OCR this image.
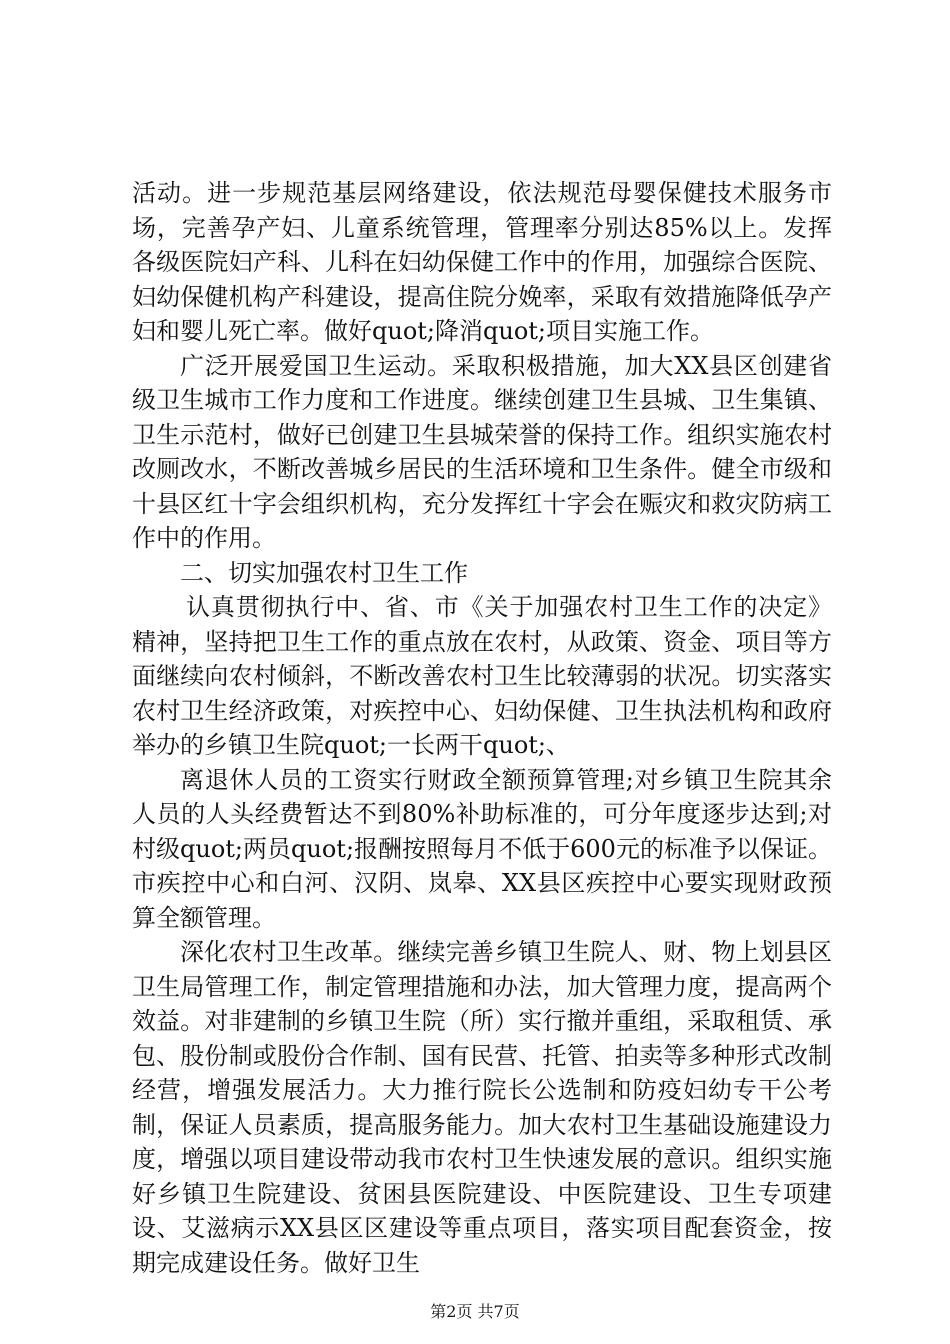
活动。进一步规范基层网络建设，依法规范母婴保健技术服务市场，完善孕产妇、儿童系统管理，管理率分别达85%以上。发挥各级医院妇产科、儿科在妇幼保健工作中的作用，加强综合医院、妇幼保健机构产科建设，提高住院分娩率，采取有效措施降低孕产妇和婴儿死亡率。做好quot;降消quot;项目实施工作。

广泛开展爱国卫生运动。采取积极措施，加大XX县区创建省级卫生城市工作力度和工作进度。继续创建卫生县城、卫生集镇、卫生示范村，做好已创建卫生县城荣誉的保持工作。组织实施农村改厕改水，不断改善城乡居民的生活环境和卫生条件。健全市级和十县区红十字会组织机构，充分发挥红十字会在赈灾和救灾防病工作中的作用。

二、切实加强农村卫生工作

认真贯彻执行中、省、市《关于加强农村卫生工作的决定》精神，坚持把卫生工作的重点放在农村，从政策、资金、项目等方面继续向农村倾斜，不断改善农村卫生比较薄弱的状况。切实落实农村卫生经济政策，对疾控中心、妇幼保健、卫生执法机构和政府举办的乡镇卫生院quot;一长两干quot;、

离退休人员的工资实行财政全额预算管理;对乡镇卫生院其余人员的人头经费暂达不到80%补助标准的，可分年度逐步达到;对村级quot;两员quot;报酬按照每月不低于600元的标准予以保证。市疾控中心和白河、汉阴、岚皋、XX县区疾控中心要实现财政预算全额管理。

深化农村卫生改革。继续完善乡镇卫生院人、财、物上划县区卫生局管理工作，制定管理措施和办法，加大管理力度，提高两个效益。对非建制的乡镇卫生院（所）实行撤并重组，采取租赁、承包、股份制或股份合作制、国有民营、托管、拍卖等多种形式改制经营，增强发展活力。大力推行院长公选制和防疫妇幼专干公考制，保证人员素质，提高服务能力。加大农村卫生基础设施建设力度，增强以项目建设带动我市农村卫生快速发展的意识。组织实施好乡镇卫生院建设、贫困县医院建设、中医院建设、卫生专项建设、艾滋病示XX县区区建设等重点项目，落实项目配套资金，按期完成建设任务。做好卫生

第2页 共7页
